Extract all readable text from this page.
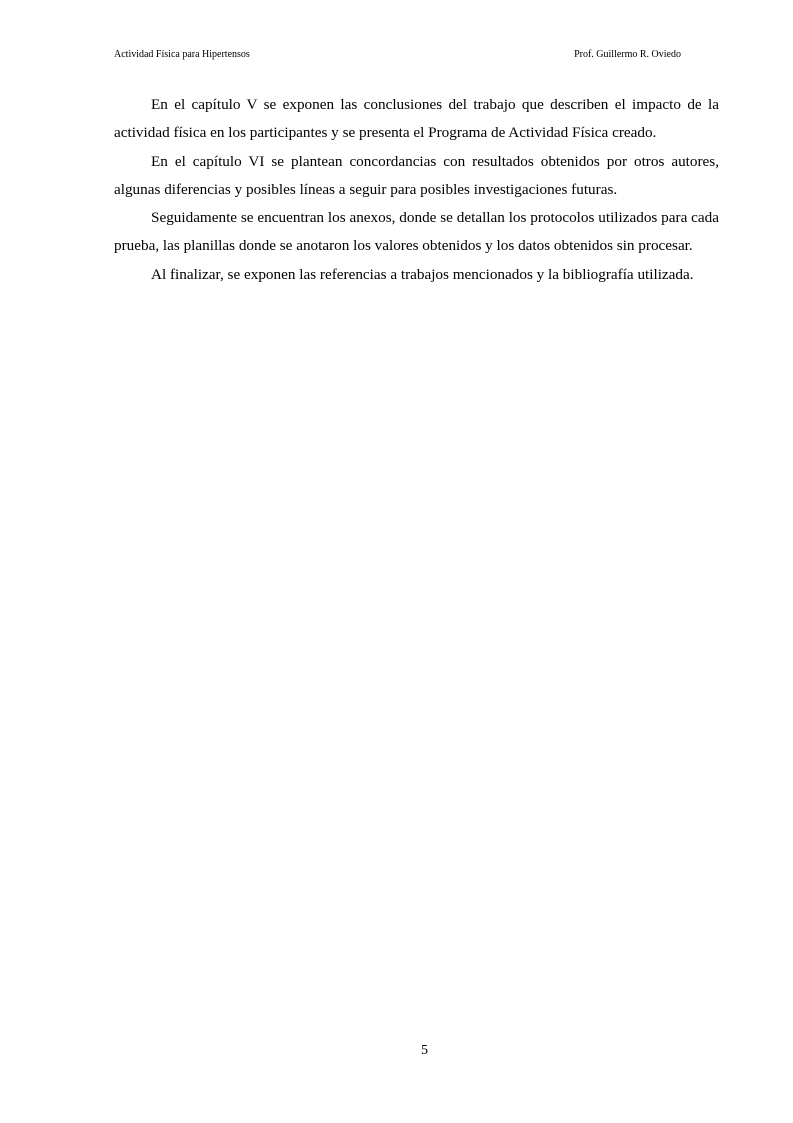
Actividad Física para Hipertensos	Prof. Guillermo R. Oviedo

En el capítulo V se exponen las conclusiones del trabajo que describen el impacto de la actividad física en los participantes y se presenta el Programa de Actividad Física creado.

En el capítulo VI se plantean concordancias con resultados obtenidos por otros autores, algunas diferencias y posibles líneas a seguir para posibles investigaciones futuras.

Seguidamente se encuentran los anexos, donde se detallan los protocolos utilizados para cada prueba, las planillas donde se anotaron los valores obtenidos y los datos obtenidos sin procesar.

Al finalizar, se exponen las referencias a trabajos mencionados y la bibliografía utilizada.

5
